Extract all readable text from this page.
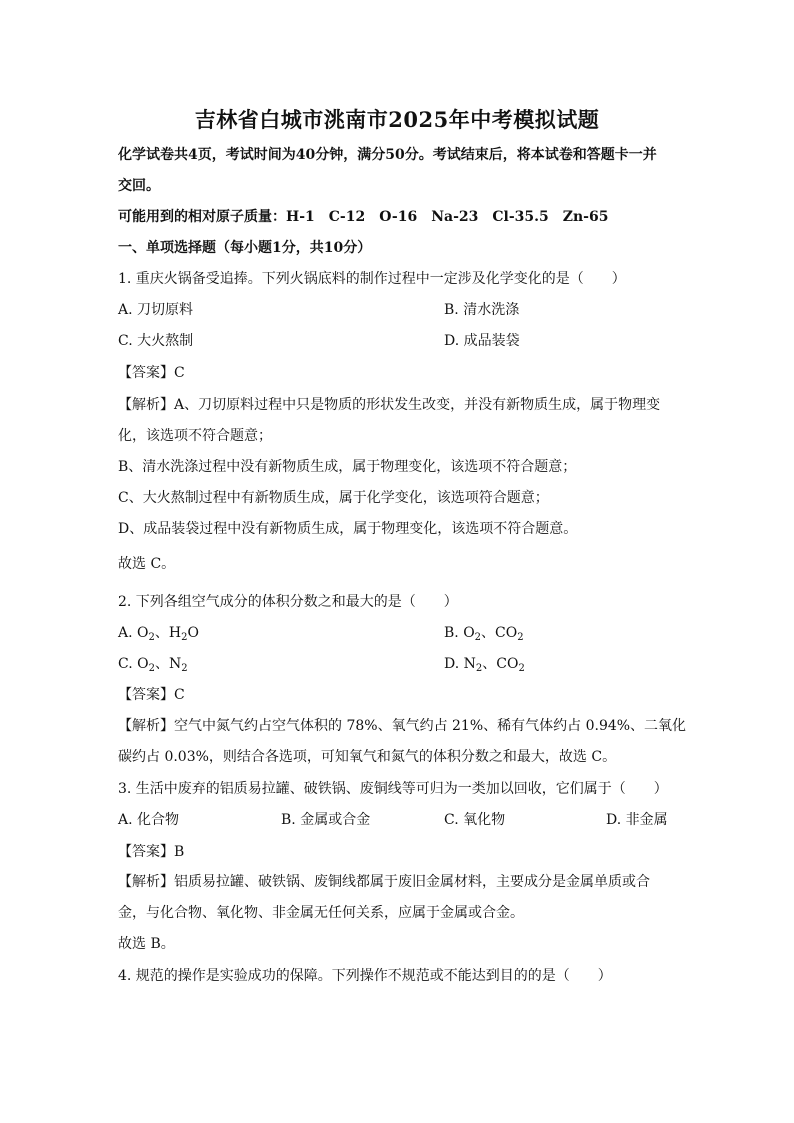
吉林省白城市洮南市2025年中考模拟试题
化学试卷共4页，考试时间为40分钟，满分50分。考试结束后，将本试卷和答题卡一并
交回。
可能用到的相对原子质量：H-1　C-12　O-16　Na-23　Cl-35.5　Zn-65
一、单项选择题（每小题1分，共10分）
1. 重庆火锅备受追捧。下列火锅底料的制作过程中一定涉及化学变化的是（　　）
A. 刀切原料	B. 清水洗涤
C. 大火熬制	D. 成品装袋
【答案】C
【解析】A、刀切原料过程中只是物质的形状发生改变，并没有新物质生成，属于物理变
化，该选项不符合题意；
B、清水洗涤过程中没有新物质生成，属于物理变化，该选项不符合题意；
C、大火熬制过程中有新物质生成，属于化学变化，该选项符合题意；
D、成品装袋过程中没有新物质生成，属于物理变化，该选项不符合题意。
故选 C。
2. 下列各组空气成分的体积分数之和最大的是（　　）
A. $O_2$、$H_2O$	B. $O_2$、$CO_2$
C. $O_2$、$N_2$	D. $N_2$、$CO_2$
【答案】C
【解析】空气中氮气约占空气体积的 78%、氧气约占 21%、稀有气体约占 0.94%、二氧化
碳约占 0.03%，则结合各选项，可知氧气和氮气的体积分数之和最大，故选 C。
3. 生活中废弃的铝质易拉罐、破铁锅、废铜线等可归为一类加以回收，它们属于（　　）
A. 化合物	B. 金属或合金	C. 氧化物	D. 非金属
【答案】B
【解析】铝质易拉罐、破铁锅、废铜线都属于废旧金属材料，主要成分是金属单质或合
金，与化合物、氧化物、非金属无任何关系，应属于金属或合金。
故选 B。
4. 规范的操作是实验成功的保障。下列操作不规范或不能达到目的的是（　　）
